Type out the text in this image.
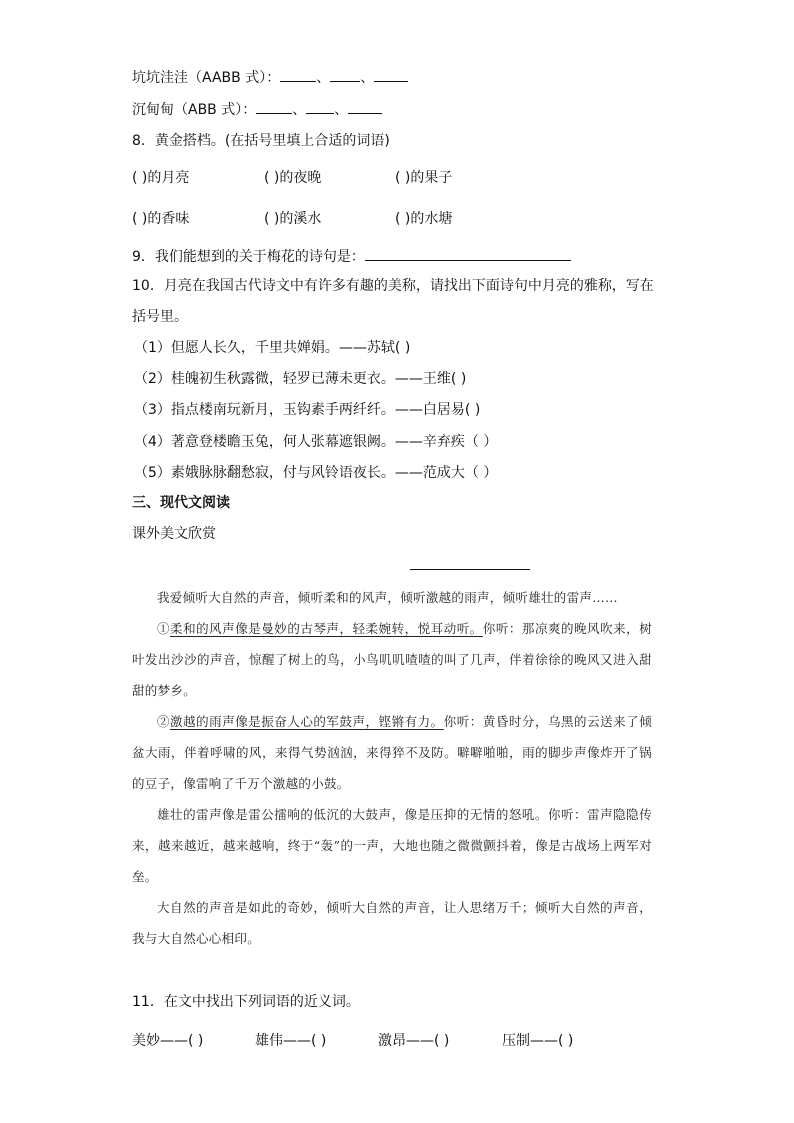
坑坑洼洼（AABB 式）：	、 、
沉甸甸（ABB 式）：	、 、
8．黄金搭档。(在括号里填上合适的词语)
( )的月亮	( )的夜晚	( )的果子
( )的香味	( )的溪水	( )的水塘
9．我们能想到的关于梅花的诗句是：
10．月亮在我国古代诗文中有许多有趣的美称，请找出下面诗句中月亮的雅称，写在
括号里。
（1）但愿人长久，千里共婵娟。——苏轼( )
（2）桂魄初生秋露微，轻罗已薄未更衣。——王维( )
（3）指点楼南玩新月，玉钩素手两纤纤。——白居易( )
（4）著意登楼瞻玉兔，何人张幕遮银阙。——辛弃疾（ ）
（5）素娥脉脉翻愁寂，付与风铃语夜长。——范成大（ ）
三、现代文阅读
课外美文欣赏

我爱倾听大自然的声音，倾听柔和的风声，倾听激越的雨声，倾听雄壮的雷声……

①柔和的风声像是曼妙的古琴声，轻柔婉转，悦耳动听。你听：那凉爽的晚风吹来，树叶发出沙沙的声音，惊醒了树上的鸟，小鸟叽叽喳喳的叫了几声，伴着徐徐的晚风又进入甜甜的梦乡。

②激越的雨声像是振奋人心的军鼓声，铿锵有力。你听：黄昏时分，乌黑的云送来了倾盆大雨，伴着呼啸的风，来得气势汹汹，来得猝不及防。噼噼啪啪，雨的脚步声像炸开了锅的豆子，像雷响了千万个激越的小鼓。

雄壮的雷声像是雷公擂响的低沉的大鼓声，像是压抑的无情的怒吼。你听：雷声隐隐传来，越来越近，越来越响，终于“轰”的一声，大地也随之微微颤抖着，像是古战场上两军对垒。

大自然的声音是如此的奇妙，倾听大自然的声音，让人思绪万千；倾听大自然的声音，我与大自然心心相印。

11．在文中找出下列词语的近义词。
美妙——( )	雄伟——( )	激昂——( )	压制——( )
